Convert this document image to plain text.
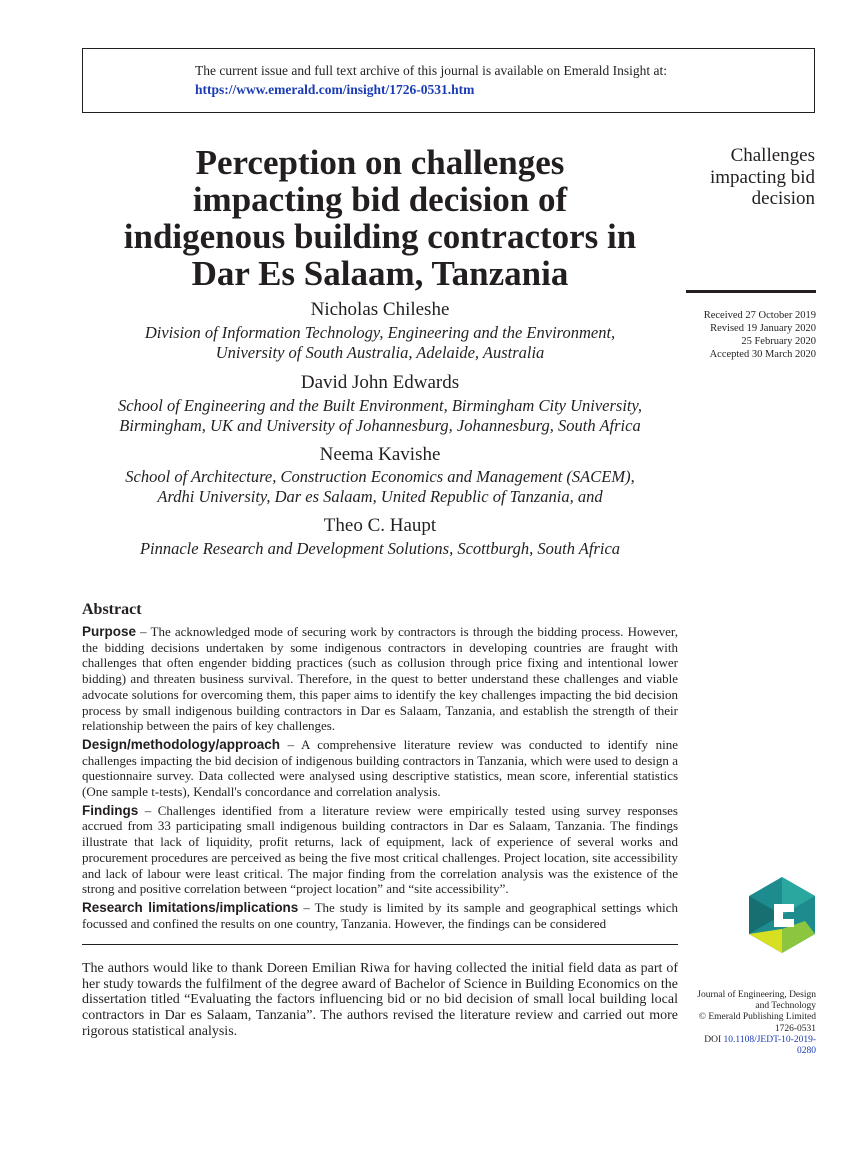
The current issue and full text archive of this journal is available on Emerald Insight at:
https://www.emerald.com/insight/1726-0531.htm
Perception on challenges
impacting bid decision of
indigenous building contractors in
Dar Es Salaam, Tanzania
Challenges
impacting bid
decision
Received 27 October 2019
Revised 19 January 2020
25 February 2020
Accepted 30 March 2020
Nicholas Chileshe
Division of Information Technology, Engineering and the Environment,
University of South Australia, Adelaide, Australia
David John Edwards
School of Engineering and the Built Environment, Birmingham City University,
Birmingham, UK and University of Johannesburg, Johannesburg, South Africa
Neema Kavishe
School of Architecture, Construction Economics and Management (SACEM),
Ardhi University, Dar es Salaam, United Republic of Tanzania, and
Theo C. Haupt
Pinnacle Research and Development Solutions, Scottburgh, South Africa
Abstract

Purpose – The acknowledged mode of securing work by contractors is through the bidding process. However, the bidding decisions undertaken by some indigenous contractors in developing countries are fraught with challenges that often engender bidding practices (such as collusion through price fixing and intentional lower bidding) and threaten business survival. Therefore, in the quest to better understand these challenges and viable advocate solutions for overcoming them, this paper aims to identify the key challenges impacting the bid decision process by small indigenous building contractors in Dar es Salaam, Tanzania, and establish the strength of their relationship between the pairs of key challenges.

Design/methodology/approach – A comprehensive literature review was conducted to identify nine challenges impacting the bid decision of indigenous building contractors in Tanzania, which were used to design a questionnaire survey. Data collected were analysed using descriptive statistics, mean score, inferential statistics (One sample t-tests), Kendall's concordance and correlation analysis.

Findings – Challenges identified from a literature review were empirically tested using survey responses accrued from 33 participating small indigenous building contractors in Dar es Salaam, Tanzania. The findings illustrate that lack of liquidity, profit returns, lack of equipment, lack of experience of several works and procurement procedures are perceived as being the five most critical challenges. Project location, site accessibility and lack of labour were least critical. The major finding from the correlation analysis was the existence of the strong and positive correlation between “project location” and “site accessibility”.

Research limitations/implications – The study is limited by its sample and geographical settings which focussed and confined the results on one country, Tanzania. However, the findings can be considered

The authors would like to thank Doreen Emilian Riwa for having collected the initial field data as part of her study towards the fulfilment of the degree award of Bachelor of Science in Building Economics on the dissertation titled “Evaluating the factors influencing bid or no bid decision of small local building local contractors in Dar es Salaam, Tanzania”. The authors revised the literature review and carried out more rigorous statistical analysis.
Journal of Engineering, Design
and Technology
© Emerald Publishing Limited
1726-0531
DOI 10.1108/JEDT-10-2019-0280
